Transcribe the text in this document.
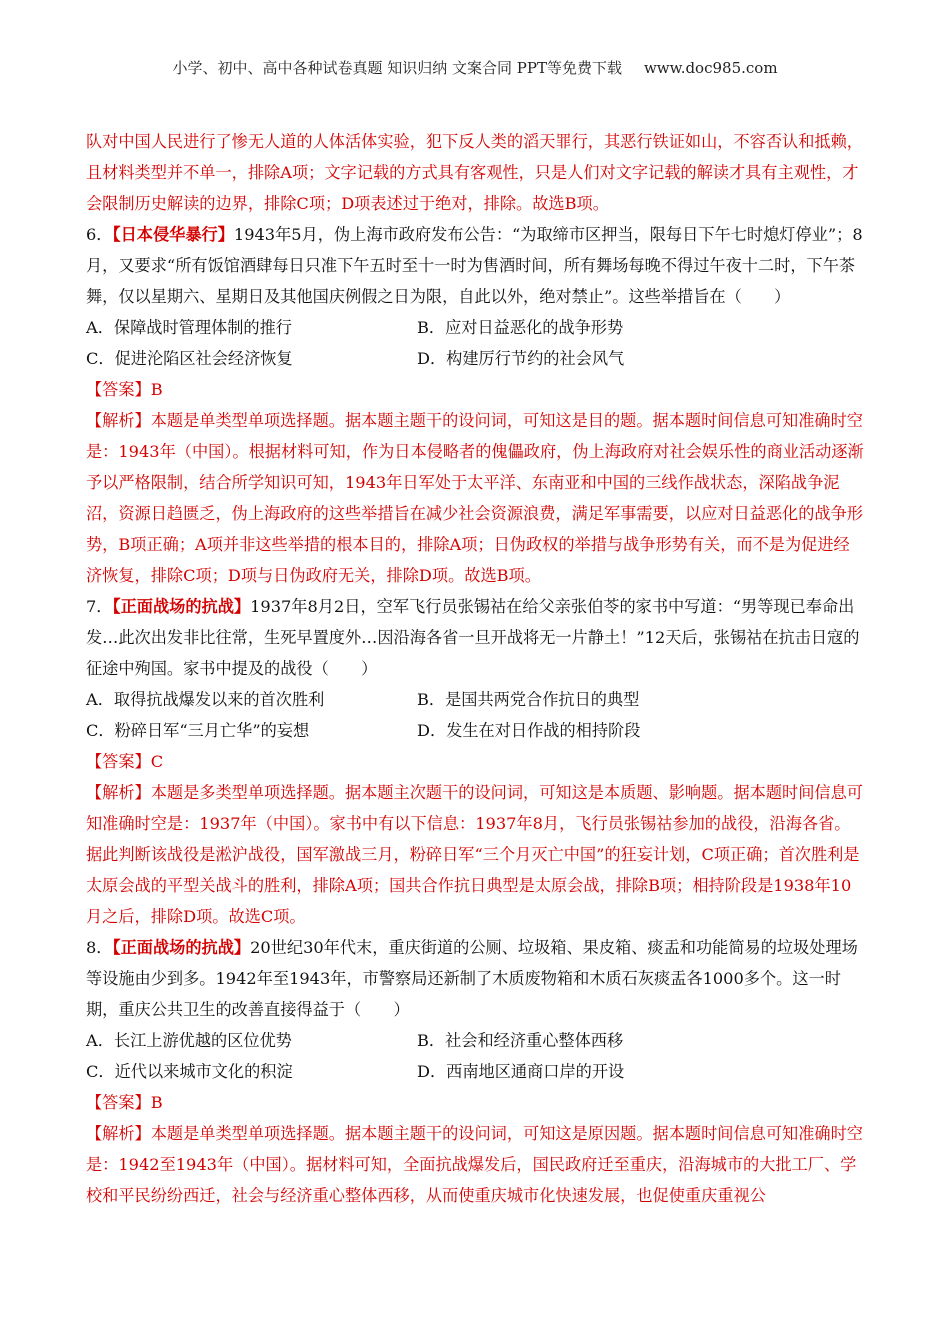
小学、初中、高中各种试卷真题 知识归纳 文案合同 PPT等免费下载 www.doc985.com

队对中国人民进行了惨无人道的人体活体实验，犯下反人类的滔天罪行，其恶行铁证如山，不容否认和抵赖，且材料类型并不单一，排除A项；文字记载的方式具有客观性，只是人们对文字记载的解读才具有主观性，才会限制历史解读的边界，排除C项；D项表述过于绝对，排除。故选B项。

6．【日本侵华暴行】1943年5月，伪上海市政府发布公告：“为取缔市区押当，限每日下午七时熄灯停业”；8月，又要求“所有饭馆酒肆每日只准下午五时至十一时为售酒时间，所有舞场每晚不得过午夜十二时，下午茶舞，仅以星期六、星期日及其他国庆例假之日为限，自此以外，绝对禁止”。这些举措旨在（　　）

A．保障战时管理体制的推行	B．应对日益恶化的战争形势
C．促进沦陷区社会经济恢复	D．构建厉行节约的社会风气

【答案】B

【解析】本题是单类型单项选择题。据本题主题干的设问词，可知这是目的题。据本题时间信息可知准确时空是：1943年（中国）。根据材料可知，作为日本侵略者的傀儡政府，伪上海政府对社会娱乐性的商业活动逐渐予以严格限制，结合所学知识可知，1943年日军处于太平洋、东南亚和中国的三线作战状态，深陷战争泥沼，资源日趋匮乏，伪上海政府的这些举措旨在减少社会资源浪费，满足军事需要，以应对日益恶化的战争形势，B项正确；A项并非这些举措的根本目的，排除A项；日伪政权的举措与战争形势有关，而不是为促进经济恢复，排除C项；D项与日伪政府无关，排除D项。故选B项。

7．【正面战场的抗战】1937年8月2日，空军飞行员张锡祜在给父亲张伯苓的家书中写道：“男等现已奉命出发…此次出发非比往常，生死早置度外…因沿海各省一旦开战将无一片静土！”12天后，张锡祜在抗击日寇的征途中殉国。家书中提及的战役（　　）

A．取得抗战爆发以来的首次胜利	B．是国共两党合作抗日的典型
C．粉碎日军“三月亡华”的妄想	D．发生在对日作战的相持阶段

【答案】C

【解析】本题是多类型单项选择题。据本题主次题干的设问词，可知这是本质题、影响题。据本题时间信息可知准确时空是：1937年（中国）。家书中有以下信息：1937年8月，飞行员张锡祜参加的战役，沿海各省。据此判断该战役是淞沪战役，国军激战三月，粉碎日军“三个月灭亡中国”的狂妄计划，C项正确；首次胜利是太原会战的平型关战斗的胜利，排除A项；国共合作抗日典型是太原会战，排除B项；相持阶段是1938年10月之后，排除D项。故选C项。

8．【正面战场的抗战】20世纪30年代末，重庆街道的公厕、垃圾箱、果皮箱、痰盂和功能简易的垃圾处理场等设施由少到多。1942年至1943年，市警察局还新制了木质废物箱和木质石灰痰盂各1000多个。这一时期，重庆公共卫生的改善直接得益于（　　）

A．长江上游优越的区位优势	B．社会和经济重心整体西移
C．近代以来城市文化的积淀	D．西南地区通商口岸的开设

【答案】B

【解析】本题是单类型单项选择题。据本题主题干的设问词，可知这是原因题。据本题时间信息可知准确时空是：1942至1943年（中国）。据材料可知，全面抗战爆发后，国民政府迁至重庆，沿海城市的大批工厂、学校和平民纷纷西迁，社会与经济重心整体西移，从而使重庆城市化快速发展，也促使重庆重视公
